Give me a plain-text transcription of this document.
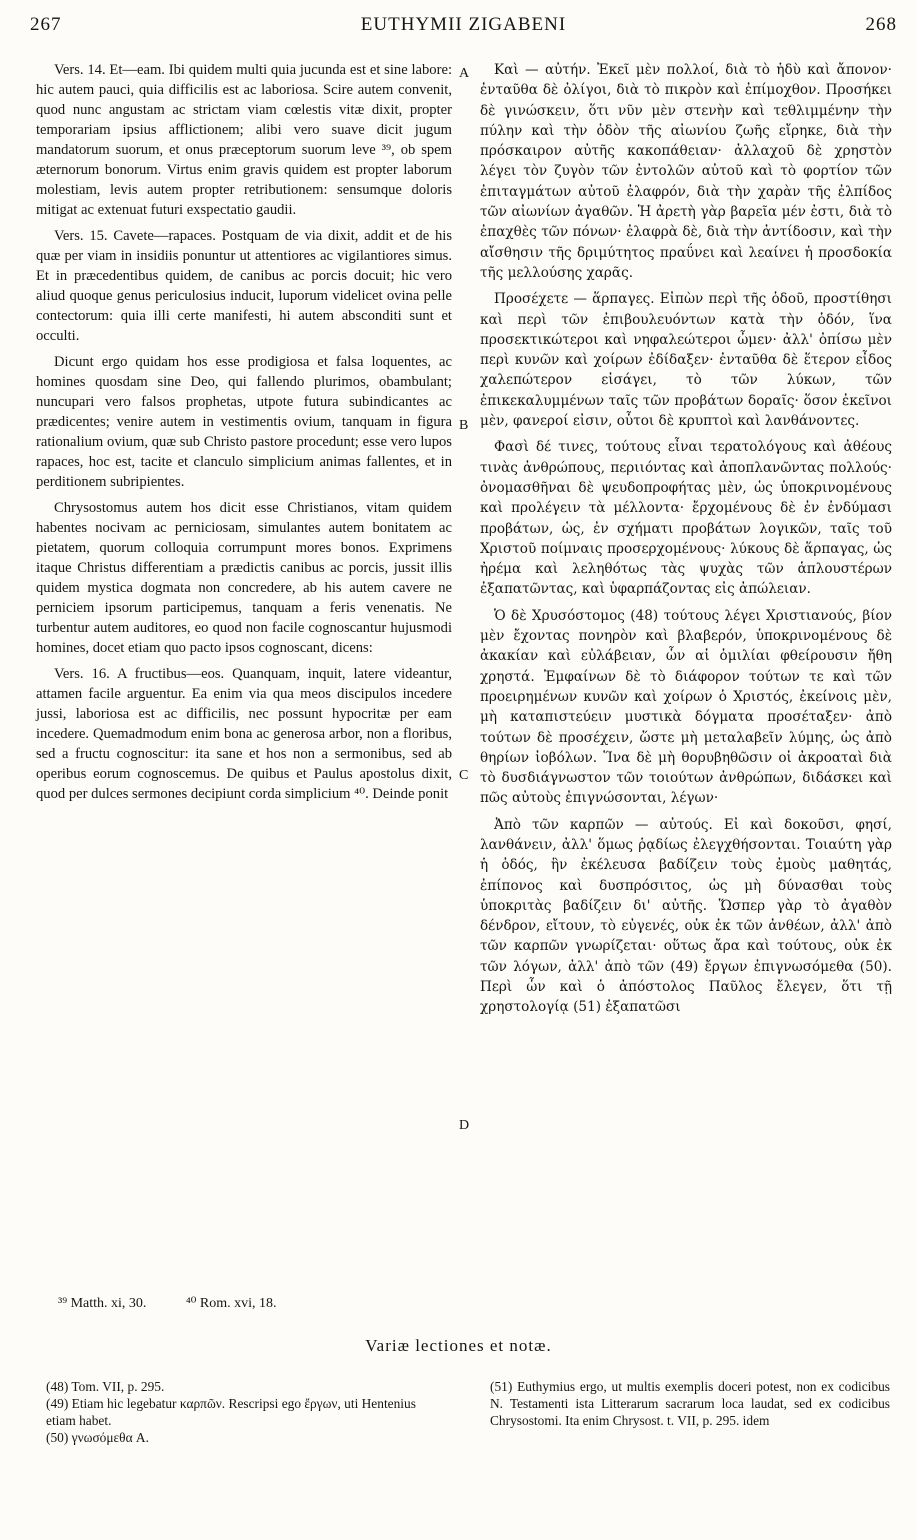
267	EUTHYMII ZIGABENI	268
A
B
C
D

Vers. 14. Et—eam. Ibi quidem multi quia jucunda est et sine labore: hic autem pauci, quia difficilis est ac laboriosa. Scire autem convenit, quod nunc angustam ac strictam viam cœlestis vitæ dixit, propter temporariam ipsius afflictionem; alibi vero suave dicit jugum mandatorum suorum, et onus præceptorum suorum leve ³⁹, ob spem æternorum bonorum. Virtus enim gravis quidem est propter laborum molestiam, levis autem propter retributionem: sensumque doloris mitigat ac extenuat futuri exspectatio gaudii.

Vers. 15. Cavete—rapaces. Postquam de via dixit, addit et de his quæ per viam in insidiis ponuntur ut attentiores ac vigilantiores simus. Et in præcedentibus quidem, de canibus ac porcis docuit; hic vero aliud quoque genus periculosius inducit, luporum videlicet ovina pelle contectorum: quia illi certe manifesti, hi autem absconditi sunt et occulti.

Dicunt ergo quidam hos esse prodigiosa et falsa loquentes, ac homines quosdam sine Deo, qui fallendo plurimos, obambulant; nuncupari vero falsos prophetas, utpote futura subindicantes ac prædicentes; venire autem in vestimentis ovium, tanquam in figura rationalium ovium, quæ sub Christo pastore procedunt; esse vero lupos rapaces, hoc est, tacite et clanculo simplicium animas fallentes, et in perditionem subripientes.

Chrysostomus autem hos dicit esse Christianos, vitam quidem habentes nocivam ac perniciosam, simulantes autem bonitatem ac pietatem, quorum colloquia corrumpunt mores bonos. Exprimens itaque Christus differentiam a prædictis canibus ac porcis, jussit illis quidem mystica dogmata non concredere, ab his autem cavere ne perniciem ipsorum participemus, tanquam a feris venenatis. Ne turbentur autem auditores, eo quod non facile cognoscantur hujusmodi homines, docet etiam quo pacto ipsos cognoscant, dicens:

Vers. 16. A fructibus—eos. Quanquam, inquit, latere videantur, attamen facile arguentur. Ea enim via qua meos discipulos incedere jussi, laboriosa est ac difficilis, nec possunt hypocritæ per eam incedere. Quemadmodum enim bona ac generosa arbor, non a floribus, sed a fructu cognoscitur: ita sane et hos non a sermonibus, sed ab operibus eorum cognoscemus. De quibus et Paulus apostolus dixit, quod per dulces sermones decipiunt corda simplicium ⁴⁰. Deinde ponit

Καὶ — αὐτήν. Ἐκεῖ μὲν πολλοί, διὰ τὸ ἡδὺ καὶ ἄπονον· ἐνταῦθα δὲ ὀλίγοι, διὰ τὸ πικρὸν καὶ ἐπίμοχθον. Προσήκει δὲ γινώσκειν, ὅτι νῦν μὲν στενὴν καὶ τεθλιμμένην τὴν πύλην καὶ τὴν ὁδὸν τῆς αἰωνίου ζωῆς εἴρηκε, διὰ τὴν πρόσκαιρον αὐτῆς κακοπάθειαν· ἀλλαχοῦ δὲ χρηστὸν λέγει τὸν ζυγὸν τῶν ἐντολῶν αὐτοῦ καὶ τὸ φορτίον τῶν ἐπιταγμάτων αὐτοῦ ἐλαφρόν, διὰ τὴν χαρὰν τῆς ἐλπίδος τῶν αἰωνίων ἀγαθῶν. Ἡ ἀρετὴ γὰρ βαρεῖα μέν ἐστι, διὰ τὸ ἐπαχθὲς τῶν πόνων· ἐλαφρὰ δὲ, διὰ τὴν ἀντίδοσιν, καὶ τὴν αἴσθησιν τῆς δριμύτητος πραΰνει καὶ λεαίνει ἡ προσδοκία τῆς μελλούσης χαρᾶς.

Προσέχετε — ἅρπαγες. Εἰπὼν περὶ τῆς ὁδοῦ, προστίθησι καὶ περὶ τῶν ἐπιβουλευόντων κατὰ τὴν ὁδόν, ἵνα προσεκτικώτεροι καὶ νηφαλεώτεροι ὦμεν· ἀλλ' ὀπίσω μὲν περὶ κυνῶν καὶ χοίρων ἐδίδαξεν· ἐνταῦθα δὲ ἕτερον εἶδος χαλεπώτερον εἰσάγει, τὸ τῶν λύκων, τῶν ἐπικεκαλυμμένων ταῖς τῶν προβάτων δοραῖς· ὅσον ἐκεῖνοι μὲν, φανεροί εἰσιν, οὗτοι δὲ κρυπτοὶ καὶ λανθάνοντες.

Φασὶ δέ τινες, τούτους εἶναι τερατολόγους καὶ ἀθέους τινὰς ἀνθρώπους, περιιόντας καὶ ἀποπλανῶντας πολλούς· ὀνομασθῆναι δὲ ψευδοπροφήτας μὲν, ὡς ὑποκρινομένους καὶ προλέγειν τὰ μέλλοντα· ἔρχομένους δὲ ἐν ἐνδύμασι προβάτων, ὡς, ἐν σχήματι προβάτων λογικῶν, ταῖς τοῦ Χριστοῦ ποίμναις προσερχομένους· λύκους δὲ ἅρπαγας, ὡς ἠρέμα καὶ λεληθότως τὰς ψυχὰς τῶν ἁπλουστέρων ἐξαπατῶντας, καὶ ὑφαρπάζοντας εἰς ἀπώλειαν.

Ὁ δὲ Χρυσόστομος (48) τούτους λέγει Χριστιανούς, βίον μὲν ἔχοντας πονηρὸν καὶ βλαβερόν, ὑποκρινομένους δὲ ἀκακίαν καὶ εὐλάβειαν, ὧν αἱ ὁμιλίαι φθείρουσιν ἤθη χρηστά. Ἐμφαίνων δὲ τὸ διάφορον τούτων τε καὶ τῶν προειρημένων κυνῶν καὶ χοίρων ὁ Χριστός, ἐκείνοις μὲν, μὴ καταπιστεύειν μυστικὰ δόγματα προσέταξεν· ἀπὸ τούτων δὲ προσέχειν, ὥστε μὴ μεταλαβεῖν λύμης, ὡς ἀπὸ θηρίων ἰοβόλων. Ἵνα δὲ μὴ θορυβηθῶσιν οἱ ἀκροαταὶ διὰ τὸ δυσδιάγνωστον τῶν τοιούτων ἀνθρώπων, διδάσκει καὶ πῶς αὐτοὺς ἐπιγνώσονται, λέγων·

Ἀπὸ τῶν καρπῶν — αὐτούς. Εἰ καὶ δοκοῦσι, φησί, λανθάνειν, ἀλλ' ὅμως ῥᾳδίως ἐλεγχθήσονται. Τοιαύτη γὰρ ἡ ὁδός, ἣν ἐκέλευσα βαδίζειν τοὺς ἐμοὺς μαθητάς, ἐπίπονος καὶ δυσπρόσιτος, ὡς μὴ δύνασθαι τοὺς ὑποκριτὰς βαδίζειν δι' αὐτῆς. Ὥσπερ γὰρ τὸ ἀγαθὸν δένδρον, εἴτουν, τὸ εὐγενές, οὐκ ἐκ τῶν ἀνθέων, ἀλλ' ἀπὸ τῶν καρπῶν γνωρίζεται· οὕτως ἄρα καὶ τούτους, οὐκ ἐκ τῶν λόγων, ἀλλ' ἀπὸ τῶν (49) ἔργων ἐπιγνωσόμεθα (50). Περὶ ὧν καὶ ὁ ἀπόστολος Παῦλος ἔλεγεν, ὅτι τῇ χρηστολογίᾳ (51) ἐξαπατῶσι

³⁹ Matth. xi, 30.	⁴⁰ Rom. xvi, 18.
Variæ lectiones et notæ.

(48) Tom. VII, p. 295.

(49) Etiam hic legebatur καρπῶν. Rescripsi ego ἔργων, uti Hentenius etiam habet.

(50) γνωσόμεθα A.

(51) Euthymius ergo, ut multis exemplis doceri potest, non ex codicibus N. Testamenti ista Litterarum sacrarum loca laudat, sed ex codicibus Chrysostomi. Ita enim Chrysost. t. VII, p. 295. idem
